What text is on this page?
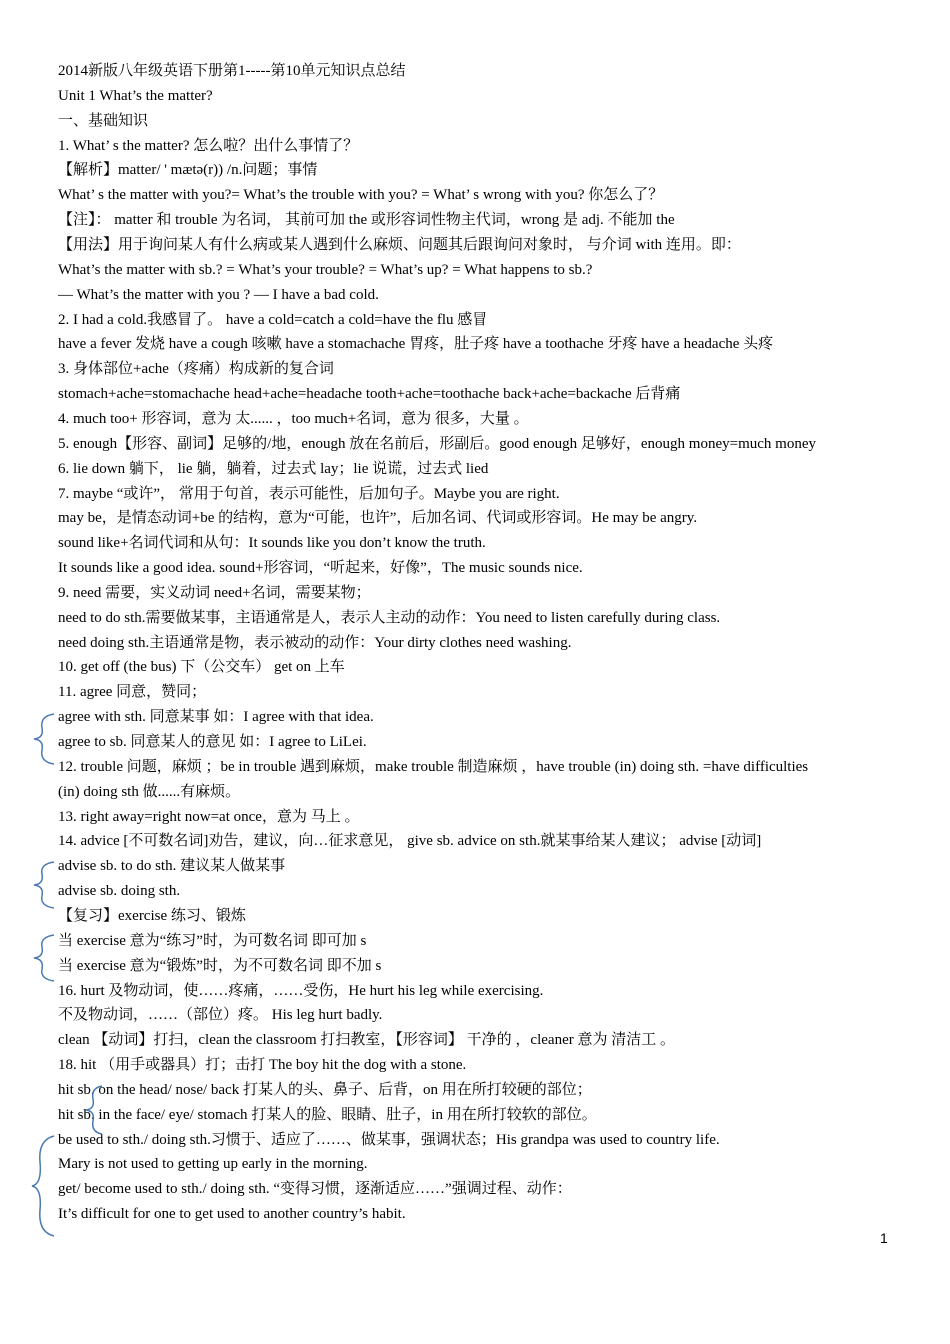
2014新版八年级英语下册第1-----第10单元知识点总结
Unit 1 What’s the matter?
一、基础知识
1. What’ s the matter? 怎么啦？出什么事情了？
【解析】matter/ ' mætə(r)) /n.问题；事情
What’ s the matter with you?= What’s the trouble with you? = What’ s wrong with you? 你怎么了？
【注】： matter 和 trouble 为名词， 其前可加 the 或形容词性物主代词，wrong 是 adj. 不能加 the
【用法】用于询问某人有什么病或某人遇到什么麻烦、问题其后跟询问对象时， 与介词 with 连用。即：
What’s the matter with sb.? = What’s your trouble? = What’s up? = What happens to sb.?
— What’s the matter with you ? — I have a bad cold.
2. I had a cold.我感冒了。 have a cold=catch a cold=have the flu 感冒
have a fever 发烧 have a cough 咳嗽 have a stomachache 胃疼，肚子疼 have a toothache 牙疼 have a headache 头疼
3. 身体部位+ache（疼痛）构成新的复合词
stomach+ache=stomachache head+ache=headache tooth+ache=toothache back+ache=backache 后背痛
4. much too+ 形容词，意为 太...... ，too much+名词，意为 很多，大量 。
5. enough【形容、副词】足够的/地，enough 放在名前后，形副后。good enough 足够好，enough money=much money
6. lie down 躺下， lie 躺，躺着，过去式 lay；lie 说谎，过去式 lied
7. maybe “或许”， 常用于句首，表示可能性，后加句子。Maybe you are right.
may be，是情态动词+be 的结构，意为“可能，也许”，后加名词、代词或形容词。He may be angry.
sound like+名词代词和从句：It sounds like you don’t know the truth.
It sounds like a good idea. sound+形容词，“听起来，好像”，The music sounds nice.
9. need 需要，实义动词 need+名词，需要某物；
need to do sth.需要做某事，主语通常是人，表示人主动的动作：You need to listen carefully during class.
need doing sth.主语通常是物，表示被动的动作：Your dirty clothes need washing.
10. get off (the bus) 下（公交车） get on 上车
11. agree 同意，赞同；
agree with sth. 同意某事 如：I agree with that idea.
agree to sb. 同意某人的意见 如：I agree to LiLei.
12. trouble 问题，麻烦 ；be in trouble 遇到麻烦，make trouble 制造麻烦 ，have trouble (in) doing sth. =have difficulties
(in) doing sth 做......有麻烦。
13. right away=right now=at once，意为 马上 。
14. advice [不可数名词]劝告，建议，向…征求意见， give sb. advice on sth.就某事给某人建议； advise [动词]
advise sb. to do sth. 建议某人做某事
advise sb. doing sth.
【复习】exercise 练习、锻炼
当 exercise 意为“练习”时，为可数名词 即可加 s
当 exercise 意为“锻炼”时，为不可数名词 即不加 s
16. hurt 及物动词，使……疼痛，……受伤，He hurt his leg while exercising.
不及物动词，……（部位）疼。 His leg hurt badly.
clean 【动词】打扫，clean the classroom 打扫教室，【形容词】 干净的 ，cleaner 意为 清洁工 。
18. hit （用手或器具）打；击打 The boy hit the dog with a stone.
hit sb. on the head/ nose/ back 打某人的头、鼻子、后背，on 用在所打较硬的部位；
hit sb. in the face/ eye/ stomach 打某人的脸、眼睛、肚子，in 用在所打较软的部位。
be used to sth./ doing sth.习惯于、适应了……、做某事，强调状态；His grandpa was used to country life.
Mary is not used to getting up early in the morning.
get/ become used to sth./ doing sth. “变得习惯，逐渐适应……”强调过程、动作：
It’s difficult for one to get used to another country’s habit.
1
